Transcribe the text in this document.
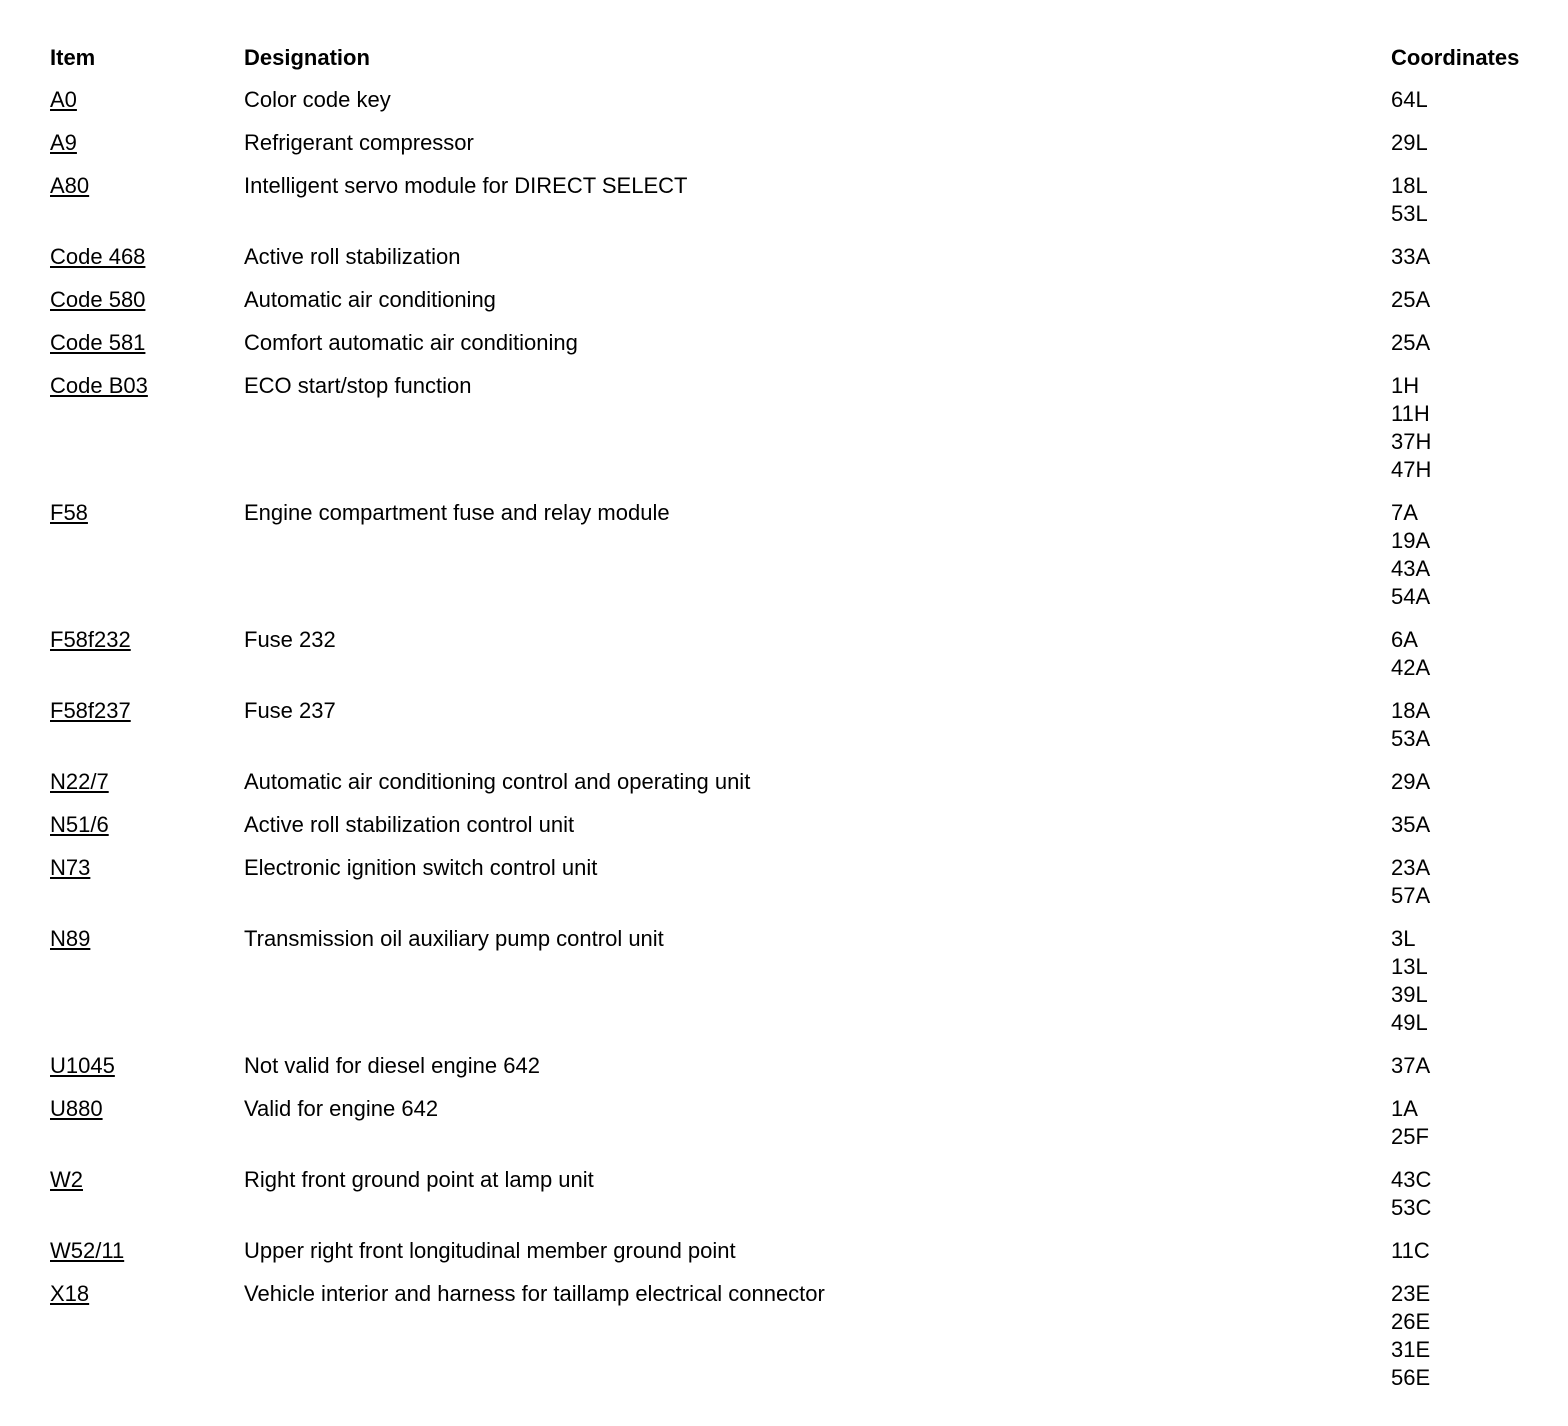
Item	Designation	Coordinates
A0	Color code key	64L
A9	Refrigerant compressor	29L
A80	Intelligent servo module for DIRECT SELECT	18L
53L
Code 468	Active roll stabilization	33A
Code 580	Automatic air conditioning	25A
Code 581	Comfort automatic air conditioning	25A
Code B03	ECO start/stop function	1H
11H
37H
47H
F58	Engine compartment fuse and relay module	7A
19A
43A
54A
F58f232	Fuse 232	6A
42A
F58f237	Fuse 237	18A
53A
N22/7	Automatic air conditioning control and operating unit	29A
N51/6	Active roll stabilization control unit	35A
N73	Electronic ignition switch control unit	23A
57A
N89	Transmission oil auxiliary pump control unit	3L
13L
39L
49L
U1045	Not valid for diesel engine 642	37A
U880	Valid for engine 642	1A
25F
W2	Right front ground point at lamp unit	43C
53C
W52/11	Upper right front longitudinal member ground point	11C
X18	Vehicle interior and harness for taillamp electrical connector	23E
26E
31E
56E
